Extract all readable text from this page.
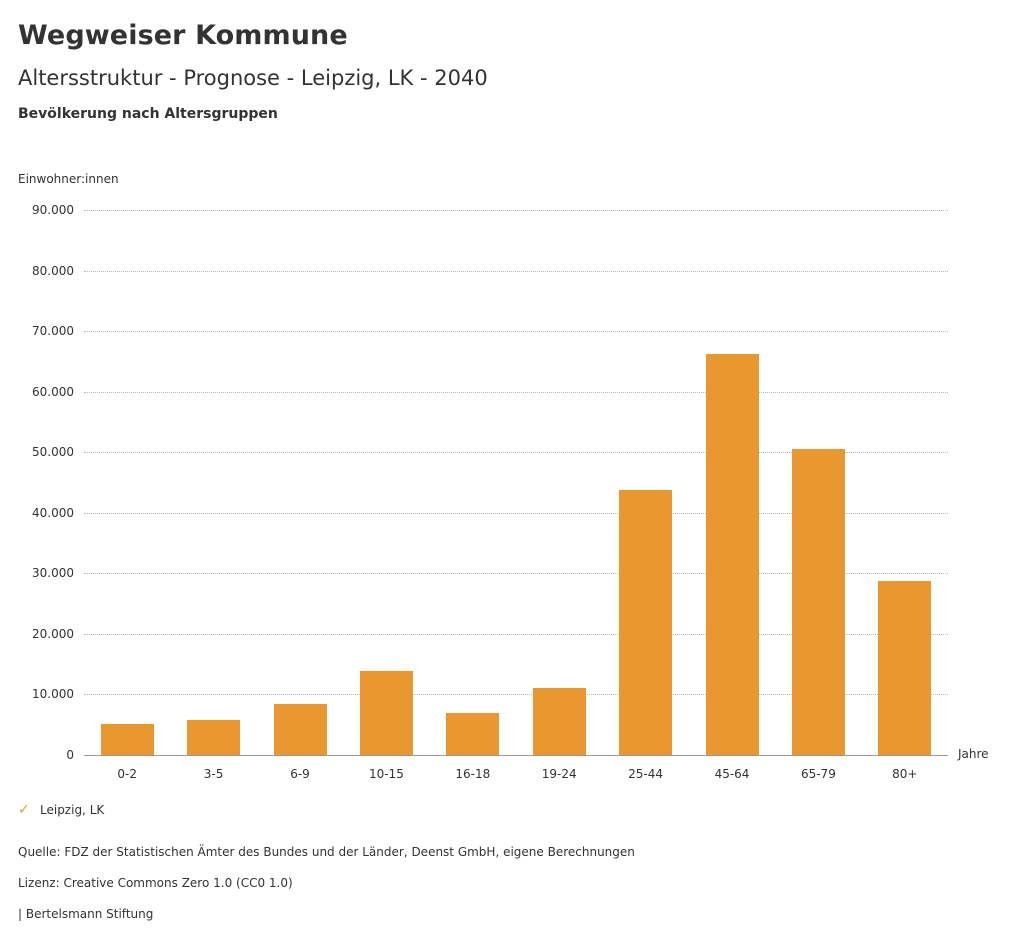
Wegweiser Kommune
Altersstruktur - Prognose - Leipzig, LK - 2040
Bevölkerung nach Altersgruppen
Einwohner:innen
0
10.000
20.000
30.000
40.000
50.000
60.000
70.000
80.000
90.000
0-2	3-5	6-9	10-15	16-18	19-24	25-44	45-64	65-79	80+
Jahre
✓ Leipzig, LK
Quelle: FDZ der Statistischen Ämter des Bundes und der Länder, Deenst GmbH, eigene Berechnungen
Lizenz: Creative Commons Zero 1.0 (CC0 1.0)
| Bertelsmann Stiftung
